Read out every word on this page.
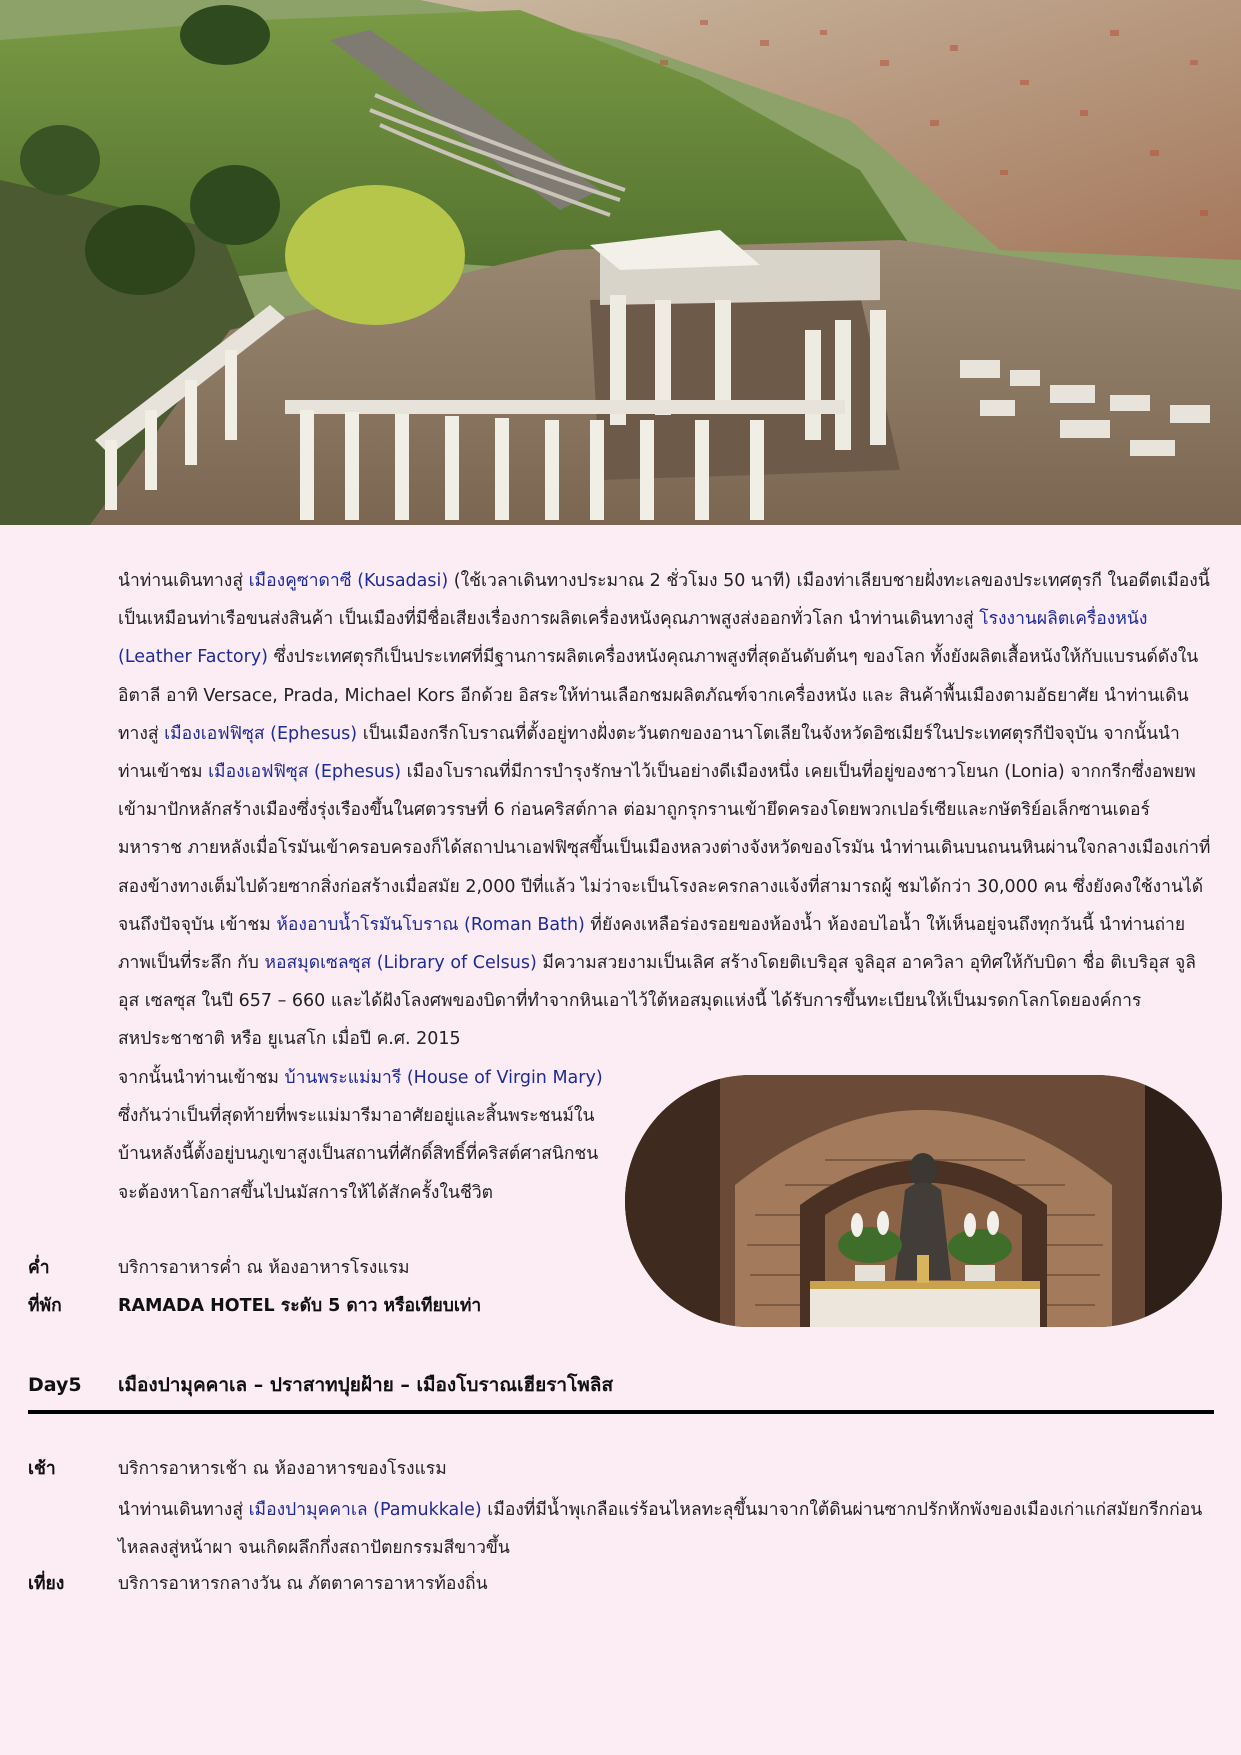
นำท่านเดินทางสู่ เมืองคูซาดาซี (Kusadasi) (ใช้เวลาเดินทางประมาณ 2 ชั่วโมง 50 นาที) เมืองท่าเลียบชายฝั่งทะเลของประเทศตุรกี ในอดีตเมืองนี้เป็นเหมือนท่าเรือขนส่งสินค้า เป็นเมืองที่มีชื่อเสียงเรื่องการผลิตเครื่องหนังคุณภาพสูงส่งออกทั่วโลก นำท่านเดินทางสู่ โรงงานผลิตเครื่องหนัง (Leather Factory) ซึ่งประเทศตุรกีเป็นประเทศที่มีฐานการผลิตเครื่องหนังคุณภาพสูงที่สุดอันดับต้นๆ ของโลก ทั้งยังผลิตเสื้อหนังให้กับแบรนด์ดังในอิตาลี อาทิ Versace, Prada, Michael Kors อีกด้วย อิสระให้ท่านเลือกชมผลิตภัณฑ์จากเครื่องหนัง และ สินค้าพื้นเมืองตามอัธยาศัย นำท่านเดินทางสู่ เมืองเอฟฟิซุส (Ephesus) เป็นเมืองกรีกโบราณที่ตั้งอยู่ทางฝั่งตะวันตกของอานาโตเลียในจังหวัดอิซเมียร์ในประเทศตุรกีปัจจุบัน จากนั้นนำท่านเข้าชม เมืองเอฟฟิซุส (Ephesus) เมืองโบราณที่มีการบำรุงรักษาไว้เป็นอย่างดีเมืองหนึ่ง เคยเป็นที่อยู่ของชาวโยนก (Lonia) จากกรีกซึ่งอพยพเข้ามาปักหลักสร้างเมืองซึ่งรุ่งเรืองขึ้นในศตวรรษที่ 6 ก่อนคริสต์กาล ต่อมาถูกรุกรานเข้ายึดครองโดยพวกเปอร์เซียและกษัตริย์อเล็กซานเดอร์มหาราช ภายหลังเมื่อโรมันเข้าครอบครองก็ได้สถาปนาเอฟฟิซุสขึ้นเป็นเมืองหลวงต่างจังหวัดของโรมัน นำท่านเดินบนถนนหินผ่านใจกลางเมืองเก่าที่สองข้างทางเต็มไปด้วยซากสิ่งก่อสร้างเมื่อสมัย 2,000 ปีที่แล้ว ไม่ว่าจะเป็นโรงละครกลางแจ้งที่สามารถผู้ ชมได้กว่า 30,000 คน ซึ่งยังคงใช้งานได้จนถึงปัจจุบัน เข้าชม ห้องอาบน้ำโรมันโบราณ (Roman Bath) ที่ยังคงเหลือร่องรอยของห้องน้ำ ห้องอบไอน้ำ ให้เห็นอยู่จนถึงทุกวันนี้ นำท่านถ่ายภาพเป็นที่ระลึก กับ หอสมุดเซลซุส (Library of Celsus) มีความสวยงามเป็นเลิศ สร้างโดยติเบริอุส จูลิอุส อาควิลา อุทิศให้กับบิดา ชื่อ ติเบริอุส จูลิอุส เซลซุส ในปี 657 – 660 และได้ฝังโลงศพของบิดาที่ทำจากหินเอาไว้ใต้หอสมุดแห่งนี้ ได้รับการขึ้นทะเบียนให้เป็นมรดกโลกโดยองค์การสหประชาชาติ หรือ ยูเนสโก เมื่อปี ค.ศ. 2015

จากนั้นนำท่านเข้าชม บ้านพระแม่มารี (House of Virgin Mary) ซึ่งกันว่าเป็นที่สุดท้ายที่พระแม่มารีมาอาศัยอยู่และสิ้นพระชนม์ในบ้านหลังนี้ตั้งอยู่บนภูเขาสูงเป็นสถานที่ศักดิ์สิทธิ์ที่คริสต์ศาสนิกชนจะต้องหาโอกาสขึ้นไปนมัสการให้ได้สักครั้งในชีวิต

ค่ำ	บริการอาหารค่ำ ณ ห้องอาหารโรงแรม
ที่พัก	RAMADA HOTEL ระดับ 5 ดาว หรือเทียบเท่า
Day5	เมืองปามุคคาเล – ปราสาทปุยฝ้าย – เมืองโบราณเฮียราโพลิส
เช้า	บริการอาหารเช้า ณ ห้องอาหารของโรงแรม

นำท่านเดินทางสู่ เมืองปามุคคาเล (Pamukkale) เมืองที่มีน้ำพุเกลือแร่ร้อนไหลทะลุขึ้นมาจากใต้ดินผ่านซากปรักหักพังของเมืองเก่าแก่สมัยกรีกก่อนไหลลงสู่หน้าผา จนเกิดผลึกกึ่งสถาปัตยกรรมสีขาวขึ้น

เที่ยง	บริการอาหารกลางวัน ณ ภัตตาคารอาหารท้องถิ่น
